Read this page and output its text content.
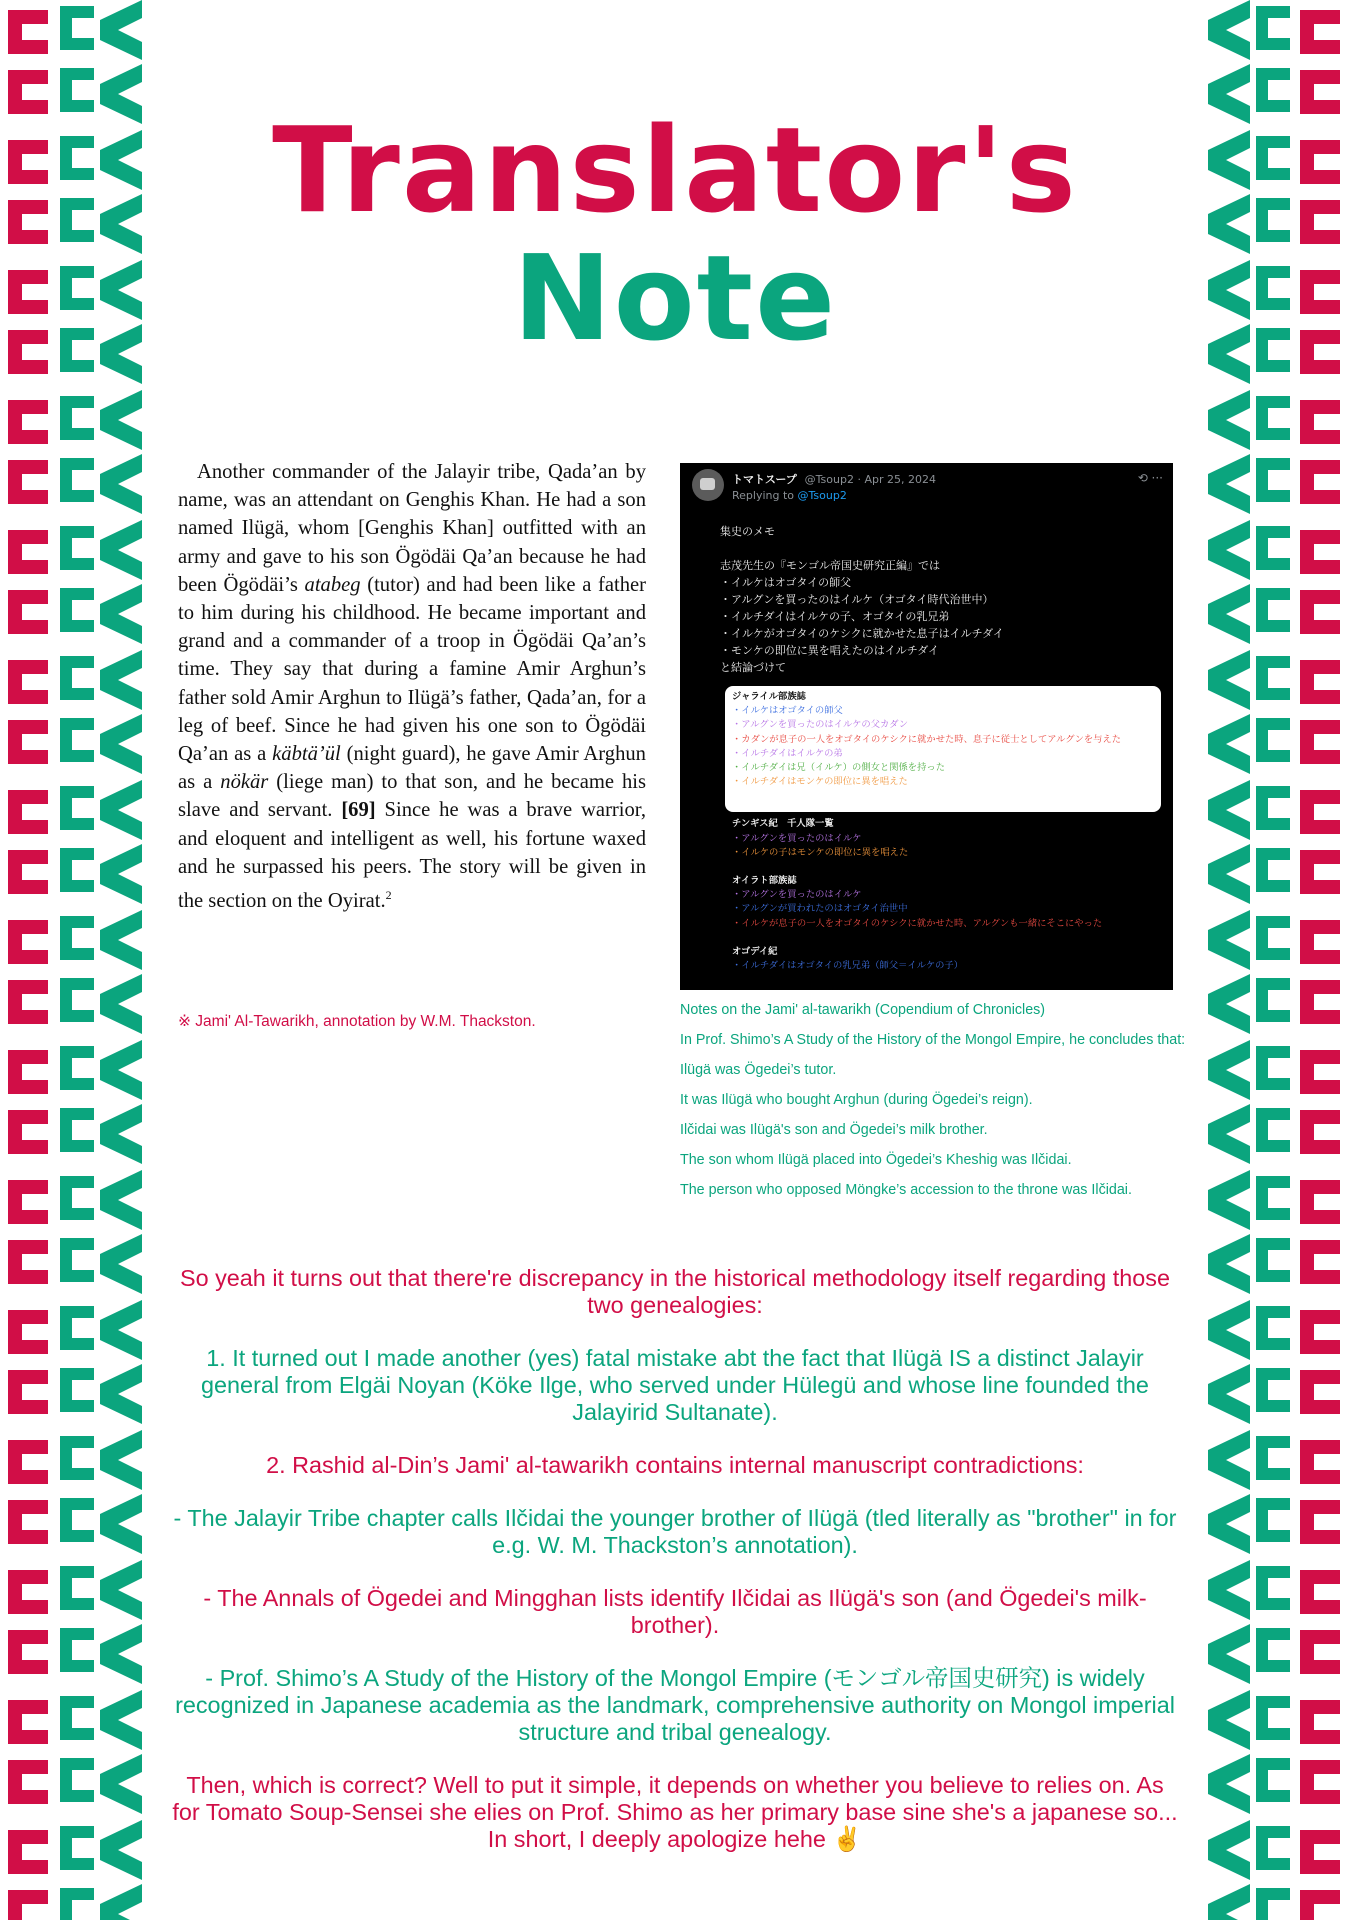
Translator's
Note

Another commander of the Jalayir tribe, Qada’an by name, was an attendant on Genghis Khan. He had a son named Ilügä, whom [Genghis Khan] outfitted with an army and gave to his son Ögödäi Qa’an because he had been Ögödäi’s atabeg (tutor) and had been like a father to him during his childhood. He became important and grand and a commander of a troop in Ögödäi Qa’an’s time. They say that during a famine Amir Arghun’s father sold Amir Arghun to Ilügä’s father, Qada’an, for a leg of beef. Since he had given his one son to Ögödäi Qa’an as a käbtä’ül (night guard), he gave Amir Arghun as a nökär (liege man) to that son, and he became his slave and servant. [69] Since he was a brave warrior, and eloquent and intelligent as well, his fortune waxed and he surpassed his peers. The story will be given in the section on the Oyirat.$^2$

※ Jami' Al-Tawarikh, annotation by W.M. Thackston.
トマトスープ @Tsoup2 · Apr 25, 2024
Replying to @Tsoup2
⟲ ···
集史のメモ
志茂先生の『モンゴル帝国史研究正編』では
・イルケはオゴタイの師父
・アルグンを買ったのはイルケ（オゴタイ時代治世中）
・イルチダイはイルケの子、オゴタイの乳兄弟
・イルケがオゴタイのケシクに就かせた息子はイルチダイ
・モンケの即位に異を唱えたのはイルチダイ
と結論づけて
ジャライル部族誌
・イルケはオゴタイの師父
・アルグンを買ったのはイルケの父カダン
・カダンが息子の一人をオゴタイのケシクに就かせた時、息子に従士としてアルグンを与えた
・イルチダイはイルケの弟
・イルチダイは兄（イルケ）の側女と関係を持った
・イルチダイはモンケの即位に異を唱えた
チンギス紀　千人隊一覧
・アルグンを買ったのはイルケ
・イルケの子はモンケの即位に異を唱えた
オイラト部族誌
・アルグンを買ったのはイルケ
・アルグンが買われたのはオゴタイ治世中
・イルケが息子の一人をオゴタイのケシクに就かせた時、アルグンも一緒にそこにやった
オゴデイ紀
・イルチダイはオゴタイの乳兄弟（師父＝イルケの子）
Notes on the Jami' al-tawarikh (Copendium of Chronicles)
In Prof. Shimo’s A Study of the History of the Mongol Empire, he concludes that:
Ilügä was Ögedei’s tutor.
It was Ilügä who bought Arghun (during Ögedei’s reign).
Ilčidai was Ilügä's son and Ögedei’s milk brother.
The son whom Ilügä placed into Ögedei’s Kheshig was Ilčidai.
The person who opposed Möngke’s accession to the throne was Ilčidai.
So yeah it turns out that there're discrepancy in the historical methodology itself regarding those two genealogies:
1. It turned out I made another (yes) fatal mistake abt the fact that Ilügä IS a distinct Jalayir general from Elgäi Noyan (Köke Ilge, who served under Hülegü and whose line founded the Jalayirid Sultanate).
2. Rashid al-Din’s Jami' al-tawarikh contains internal manuscript contradictions:
- The Jalayir Tribe chapter calls Ilčidai the younger brother of Ilügä (tled literally as "brother" in for e.g. W. M. Thackston’s annotation).
- The Annals of Ögedei and Mingghan lists identify Ilčidai as Ilügä's son (and Ögedei's milk-brother).
- Prof. Shimo’s A Study of the History of the Mongol Empire (モンゴル帝国史研究) is widely recognized in Japanese academia as the landmark, comprehensive authority on Mongol imperial structure and tribal genealogy.
Then, which is correct? Well to put it simple, it depends on whether you believe to relies on. As for Tomato Soup-Sensei she elies on Prof. Shimo as her primary base sine she's a japanese so...
In short, I deeply apologize hehe ✌
